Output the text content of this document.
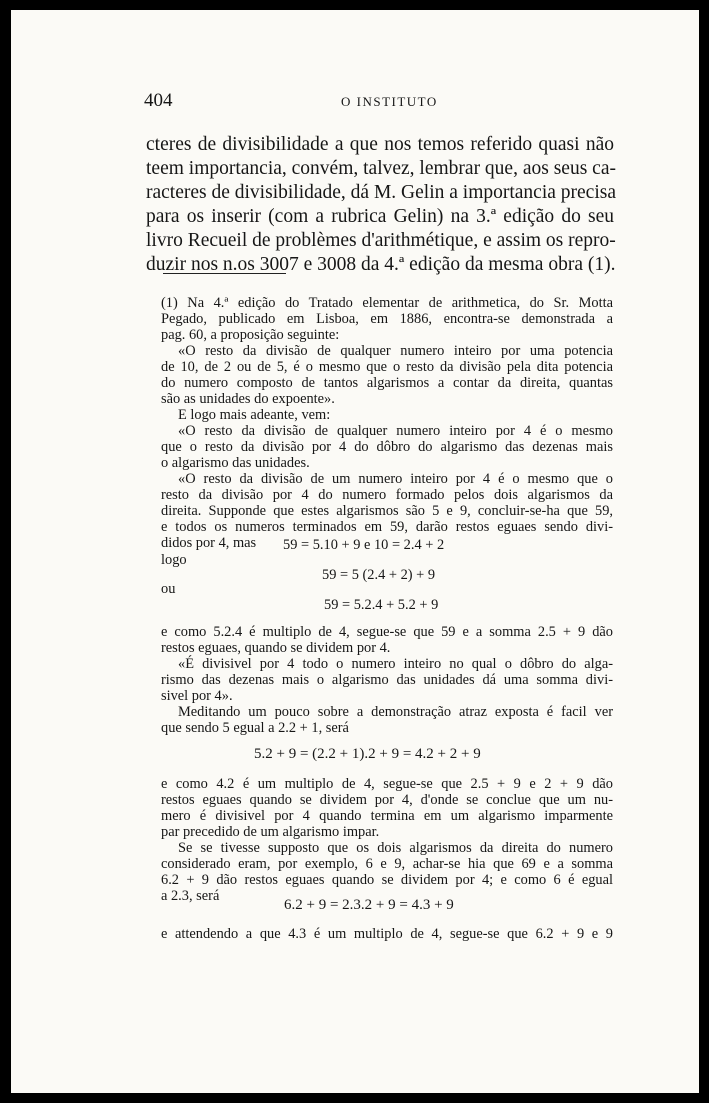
404	O INSTITUTO
cteres de divisibilidade a que nos temos referido quasi não
teem importancia, convém, talvez, lembrar que, aos seus ca-
racteres de divisibilidade, dá M. Gelin a importancia precisa
para os inserir (com a rubrica Gelin) na 3.ª edição do seu
livro Recueil de problèmes d'arithmétique, e assim os repro-
duzir nos n.os 3007 e 3008 da 4.ª edição da mesma obra (1).
(1) Na 4.ª edição do Tratado elementar de arithmetica, do Sr. Motta
Pegado, publicado em Lisboa, em 1886, encontra-se demonstrada a
pag. 60, a proposição seguinte:
«O resto da divisão de qualquer numero inteiro por uma potencia
de 10, de 2 ou de 5, é o mesmo que o resto da divisão pela dita potencia
do numero composto de tantos algarismos a contar da direita, quantas
são as unidades do expoente».
E logo mais adeante, vem:
«O resto da divisão de qualquer numero inteiro por 4 é o mesmo
que o resto da divisão por 4 do dôbro do algarismo das dezenas mais
o algarismo das unidades.
«O resto da divisão de um numero inteiro por 4 é o mesmo que o
resto da divisão por 4 do numero formado pelos dois algarismos da
direita. Supponde que estes algarismos são 5 e 9, concluir-se-ha que 59,
e todos os numeros terminados em 59, darão restos eguaes sendo divi-
didos por 4, mas	59 = 5.10 + 9 e 10 = 2.4 + 2
logo
59 = 5 (2.4 + 2) + 9
ou
59 = 5.2.4 + 5.2 + 9
e como 5.2.4 é multiplo de 4, segue-se que 59 e a somma 2.5 + 9 dão
restos eguaes, quando se dividem por 4.
«É divisivel por 4 todo o numero inteiro no qual o dôbro do alga-
rismo das dezenas mais o algarismo das unidades dá uma somma divi-
sivel por 4».
Meditando um pouco sobre a demonstração atraz exposta é facil ver
que sendo 5 egual a 2.2 + 1, será
5.2 + 9 = (2.2 + 1).2 + 9 = 4.2 + 2 + 9
e como 4.2 é um multiplo de 4, segue-se que 2.5 + 9 e 2 + 9 dão
restos eguaes quando se dividem por 4, d'onde se conclue que um nu-
mero é divisivel por 4 quando termina em um algarismo imparmente
par precedido de um algarismo impar.
Se se tivesse supposto que os dois algarismos da direita do numero
considerado eram, por exemplo, 6 e 9, achar-se hia que 69 e a somma
6.2 + 9 dão restos eguaes quando se dividem por 4; e como 6 é egual
a 2.3, será
6.2 + 9 = 2.3.2 + 9 = 4.3 + 9
e attendendo a que 4.3 é um multiplo de 4, segue-se que 6.2 + 9 e 9
